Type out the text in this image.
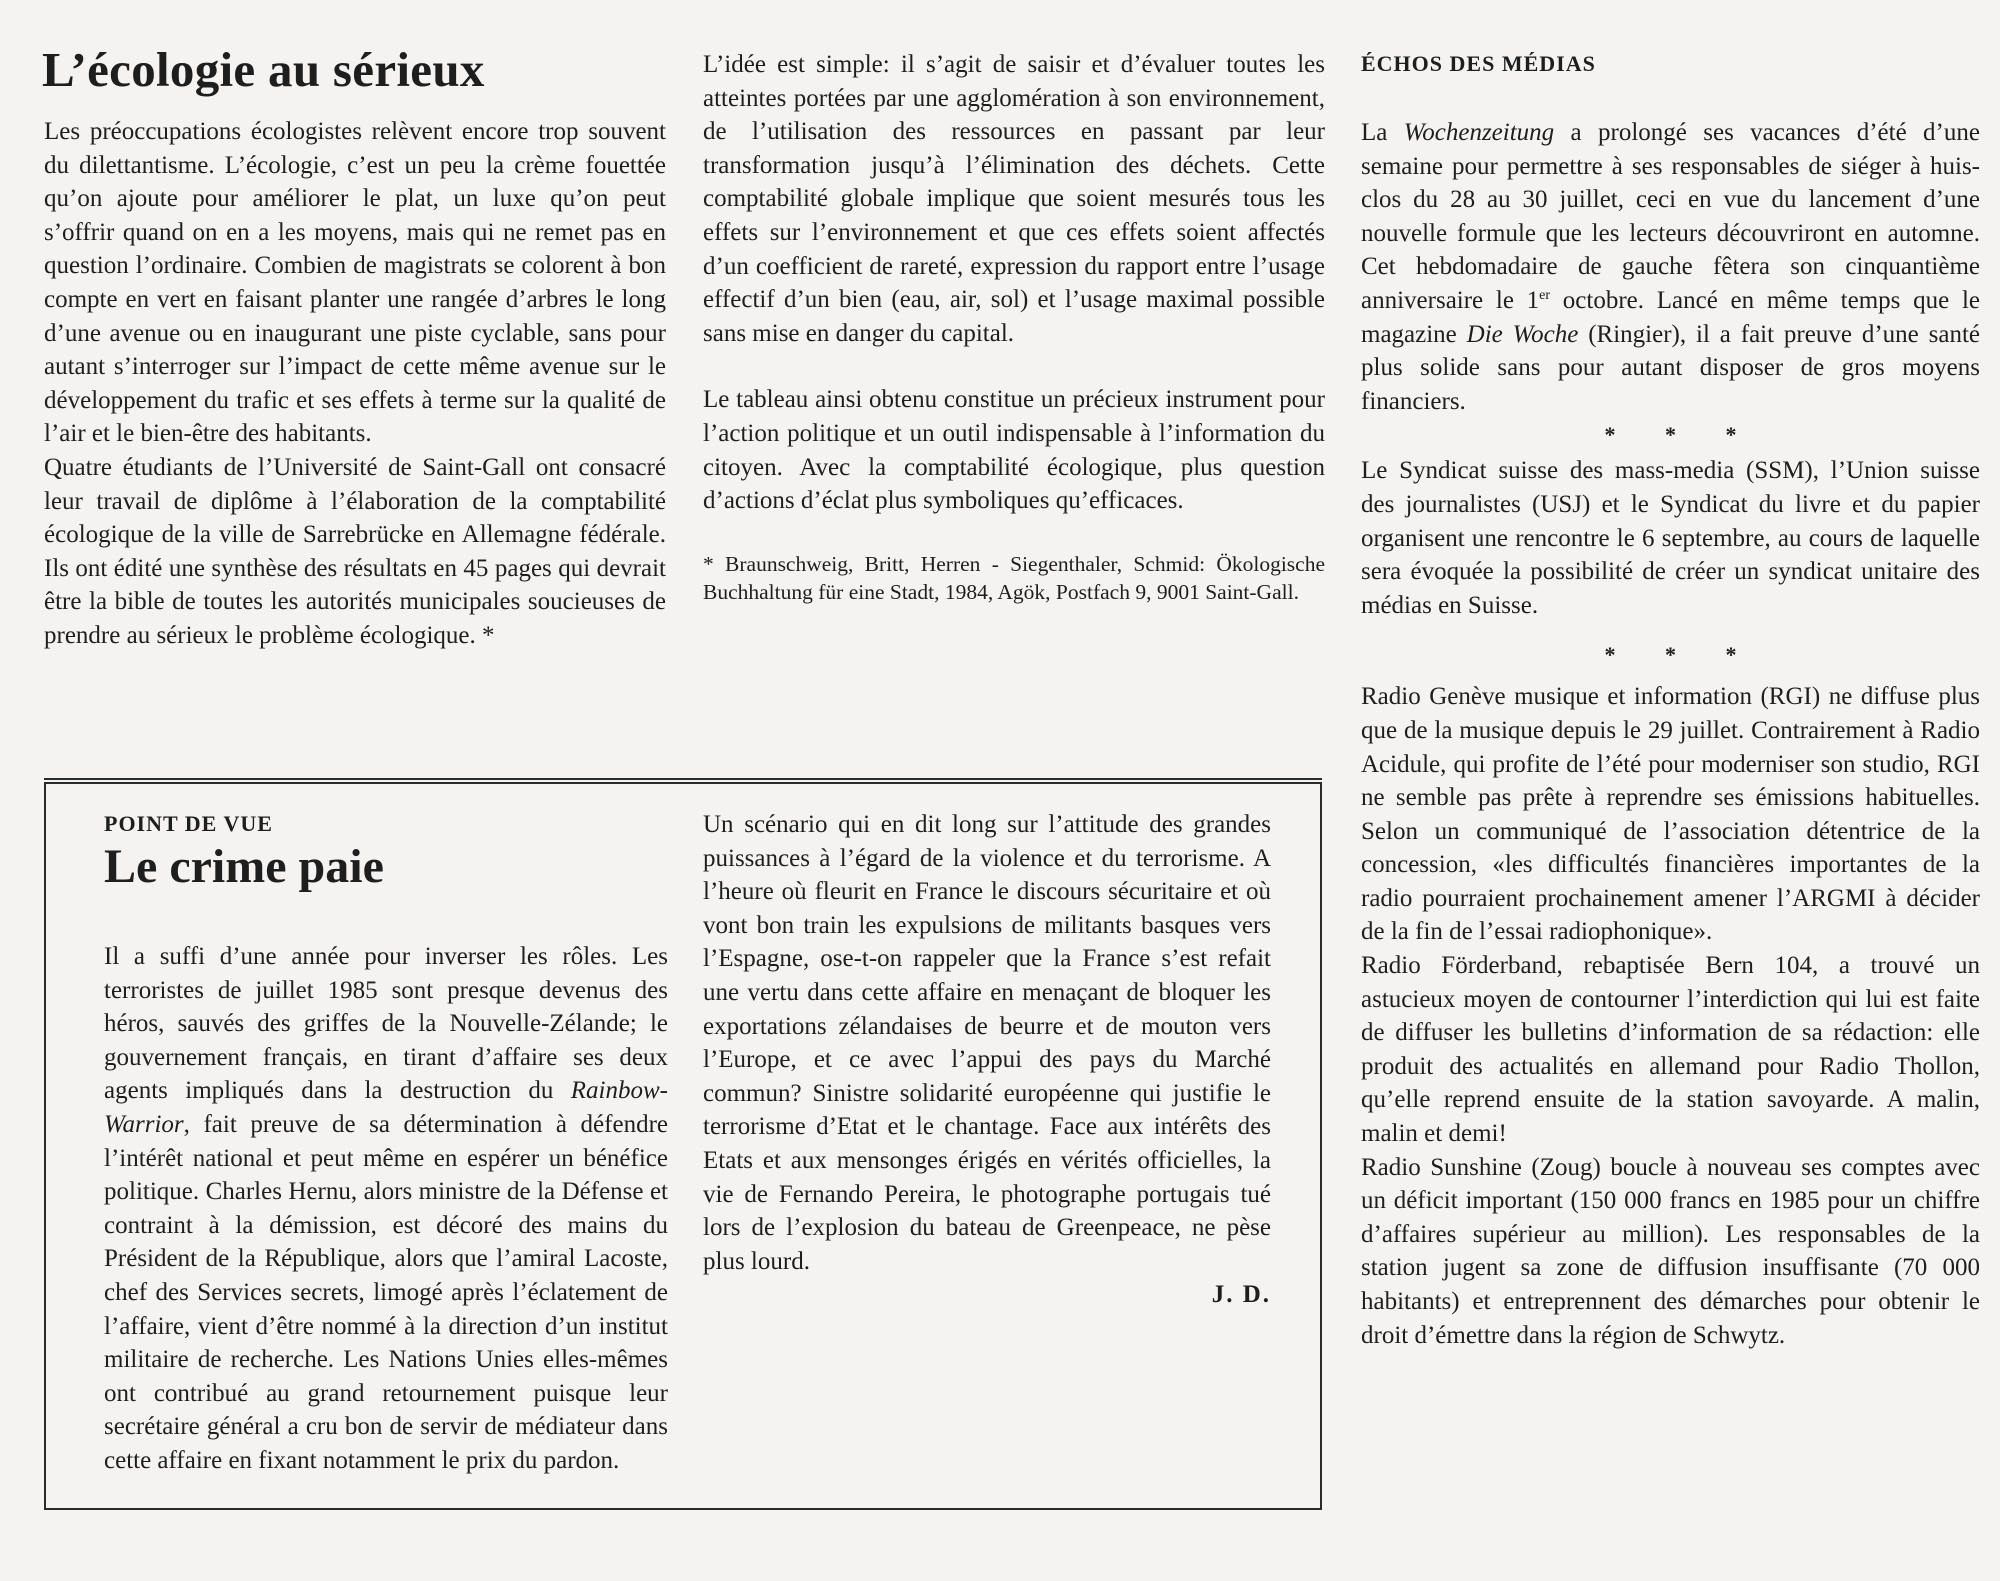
L’écologie au sérieux

Les préoccupations écologistes relèvent encore trop souvent du dilettantisme. L’écologie, c’est un peu la crème fouettée qu’on ajoute pour améliorer le plat, un luxe qu’on peut s’offrir quand on en a les moyens, mais qui ne remet pas en question l’ordinaire. Combien de magistrats se colorent à bon compte en vert en faisant planter une rangée d’arbres le long d’une avenue ou en inaugurant une piste cyclable, sans pour autant s’interroger sur l’impact de cette même avenue sur le développement du trafic et ses effets à terme sur la qualité de l’air et le bien-être des habitants.

Quatre étudiants de l’Université de Saint-Gall ont consacré leur travail de diplôme à l’élaboration de la comptabilité écologique de la ville de Sarrebrücke en Allemagne fédérale. Ils ont édité une synthèse des résultats en 45 pages qui devrait être la bible de toutes les autorités municipales soucieuses de prendre au sérieux le problème écologique. *

L’idée est simple: il s’agit de saisir et d’évaluer toutes les atteintes portées par une agglomération à son environnement, de l’utilisation des ressources en passant par leur transformation jusqu’à l’élimination des déchets. Cette comptabilité globale implique que soient mesurés tous les effets sur l’environnement et que ces effets soient affectés d’un coefficient de rareté, expression du rapport entre l’usage effectif d’un bien (eau, air, sol) et l’usage maximal possible sans mise en danger du capital.

Le tableau ainsi obtenu constitue un précieux instrument pour l’action politique et un outil indispensable à l’information du citoyen. Avec la comptabilité écologique, plus question d’actions d’éclat plus symboliques qu’efficaces.

* Braunschweig, Britt, Herren - Siegenthaler, Schmid: Ökologische Buchhaltung für eine Stadt, 1984, Agök, Postfach 9, 9001 Saint-Gall.

POINT DE VUE
Le crime paie

Il a suffi d’une année pour inverser les rôles. Les terroristes de juillet 1985 sont presque devenus des héros, sauvés des griffes de la Nouvelle-Zélande; le gouvernement français, en tirant d’affaire ses deux agents impliqués dans la destruction du Rainbow-Warrior, fait preuve de sa détermination à défendre l’intérêt national et peut même en espérer un bénéfice politique. Charles Hernu, alors ministre de la Défense et contraint à la démission, est décoré des mains du Président de la République, alors que l’amiral Lacoste, chef des Services secrets, limogé après l’éclatement de l’affaire, vient d’être nommé à la direction d’un institut militaire de recherche. Les Nations Unies elles-mêmes ont contribué au grand retournement puisque leur secrétaire général a cru bon de servir de médiateur dans cette affaire en fixant notamment le prix du pardon.

Un scénario qui en dit long sur l’attitude des grandes puissances à l’égard de la violence et du terrorisme. A l’heure où fleurit en France le discours sécuritaire et où vont bon train les expulsions de militants basques vers l’Espagne, ose-t-on rappeler que la France s’est refait une vertu dans cette affaire en menaçant de bloquer les exportations zélandaises de beurre et de mouton vers l’Europe, et ce avec l’appui des pays du Marché commun? Sinistre solidarité européenne qui justifie le terrorisme d’Etat et le chantage. Face aux intérêts des Etats et aux mensonges érigés en vérités officielles, la vie de Fernando Pereira, le photographe portugais tué lors de l’explosion du bateau de Greenpeace, ne pèse plus lourd.

J. D.

ÉCHOS DES MÉDIAS

La Wochenzeitung a prolongé ses vacances d’été d’une semaine pour permettre à ses responsables de siéger à huis-clos du 28 au 30 juillet, ceci en vue du lancement d’une nouvelle formule que les lecteurs découvriront en automne. Cet hebdomadaire de gauche fêtera son cinquantième anniversaire le 1er octobre. Lancé en même temps que le magazine Die Woche (Ringier), il a fait preuve d’une santé plus solide sans pour autant disposer de gros moyens financiers.

* * *

Le Syndicat suisse des mass-media (SSM), l’Union suisse des journalistes (USJ) et le Syndicat du livre et du papier organisent une rencontre le 6 septembre, au cours de laquelle sera évoquée la possibilité de créer un syndicat unitaire des médias en Suisse.

* * *

Radio Genève musique et information (RGI) ne diffuse plus que de la musique depuis le 29 juillet. Contrairement à Radio Acidule, qui profite de l’été pour moderniser son studio, RGI ne semble pas prête à reprendre ses émissions habituelles. Selon un communiqué de l’association détentrice de la concession, «les difficultés financières importantes de la radio pourraient prochainement amener l’ARGMI à décider de la fin de l’essai radiophonique».

Radio Förderband, rebaptisée Bern 104, a trouvé un astucieux moyen de contourner l’interdiction qui lui est faite de diffuser les bulletins d’information de sa rédaction: elle produit des actualités en allemand pour Radio Thollon, qu’elle reprend ensuite de la station savoyarde. A malin, malin et demi!

Radio Sunshine (Zoug) boucle à nouveau ses comptes avec un déficit important (150 000 francs en 1985 pour un chiffre d’affaires supérieur au million). Les responsables de la station jugent sa zone de diffusion insuffisante (70 000 habitants) et entreprennent des démarches pour obtenir le droit d’émettre dans la région de Schwytz.
